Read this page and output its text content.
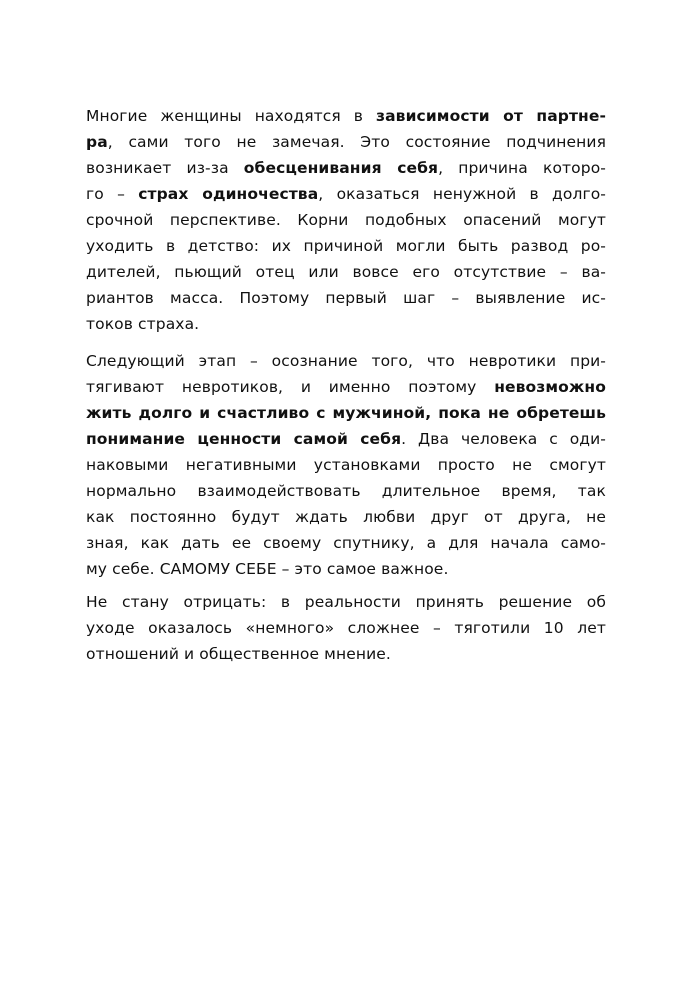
Многие женщины находятся в зависимости от партне-
ра, сами того не замечая. Это состояние подчинения
возникает из-за обесценивания себя, причина которо-
го – страх одиночества, оказаться ненужной в долго-
срочной перспективе. Корни подобных опасений могут
уходить в детство: их причиной могли быть развод ро-
дителей, пьющий отец или вовсе его отсутствие – ва-
риантов масса. Поэтому первый шаг – выявление ис-
токов страха.
Следующий этап – осознание того, что невротики при-
тягивают невротиков, и именно поэтому невозможно
жить долго и счастливо с мужчиной, пока не обретешь
понимание ценности самой себя. Два человека с оди-
наковыми негативными установками просто не смогут
нормально взаимодействовать длительное время, так
как постоянно будут ждать любви друг от друга, не
зная, как дать ее своему спутнику, а для начала само-
му себе. САМОМУ СЕБЕ – это самое важное.
Не стану отрицать: в реальности принять решение об
уходе оказалось «немного» сложнее – тяготили 10 лет
отношений и общественное мнение.
